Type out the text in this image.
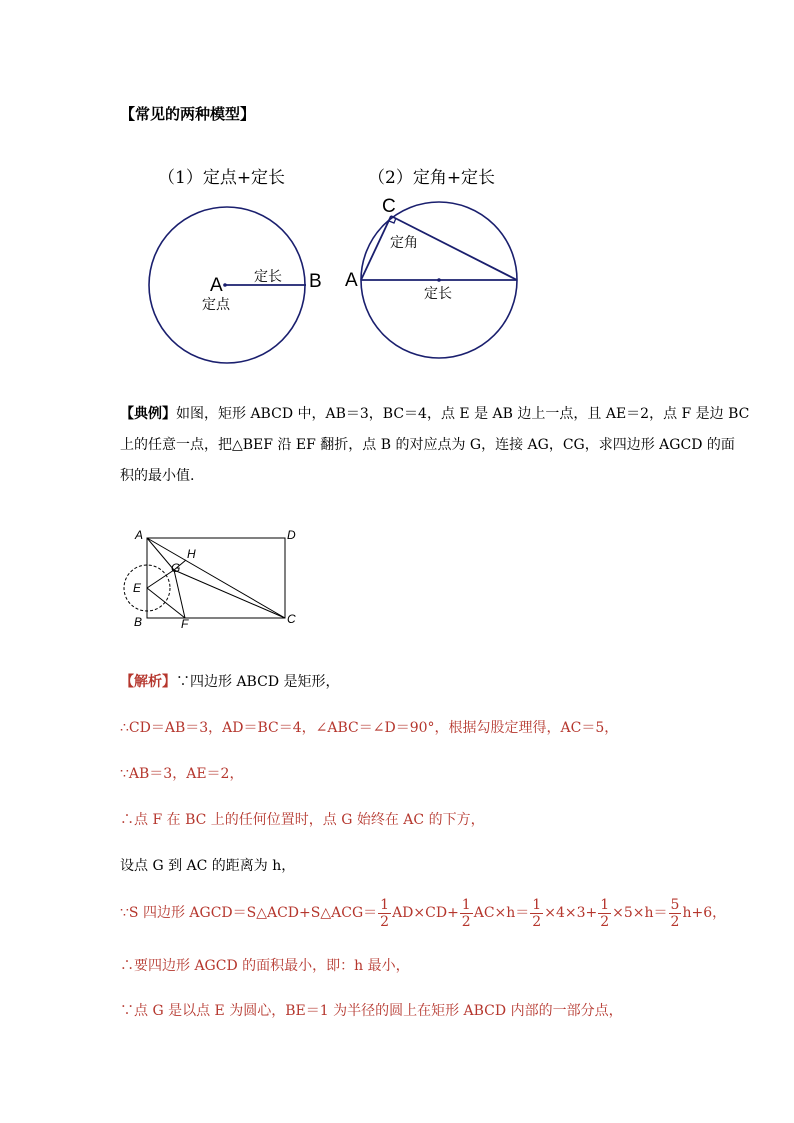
【常见的两种模型】
（1）定点+定长	（2）定角+定长
A	B
定长
定点
C
A
定角
定长
【典例】如图，矩形 ABCD 中，AB＝3，BC＝4，点 E 是 AB 边上一点，且 AE＝2，点 F 是边 BC
上的任意一点，把△BEF 沿 EF 翻折，点 B 的对应点为 G，连接 AG，CG，求四边形 AGCD 的面
积的最小值.
A	D
H
G
E
B	F	C
【解析】∵四边形 ABCD 是矩形，
∴CD＝AB＝3，AD＝BC＝4，∠ABC＝∠D＝90°，根据勾股定理得，AC＝5，
∵AB＝3，AE＝2，
∴点 F 在 BC 上的任何位置时，点 G 始终在 AC 的下方，
设点 G 到 AC 的距离为 h，
∵S 四边形 AGCD＝S△ACD+S△ACG＝ $\frac{1}{2} AD\times CD+ \frac{1}{2} AC\times h= \frac{1}{2} \times 4\times 3+ \frac{1}{2} \times 5\times h= \frac{5}{2} h+6$，
∴要四边形 AGCD 的面积最小，即：h 最小，
∵点 G 是以点 E 为圆心，BE＝1 为半径的圆上在矩形 ABCD 内部的一部分点，
